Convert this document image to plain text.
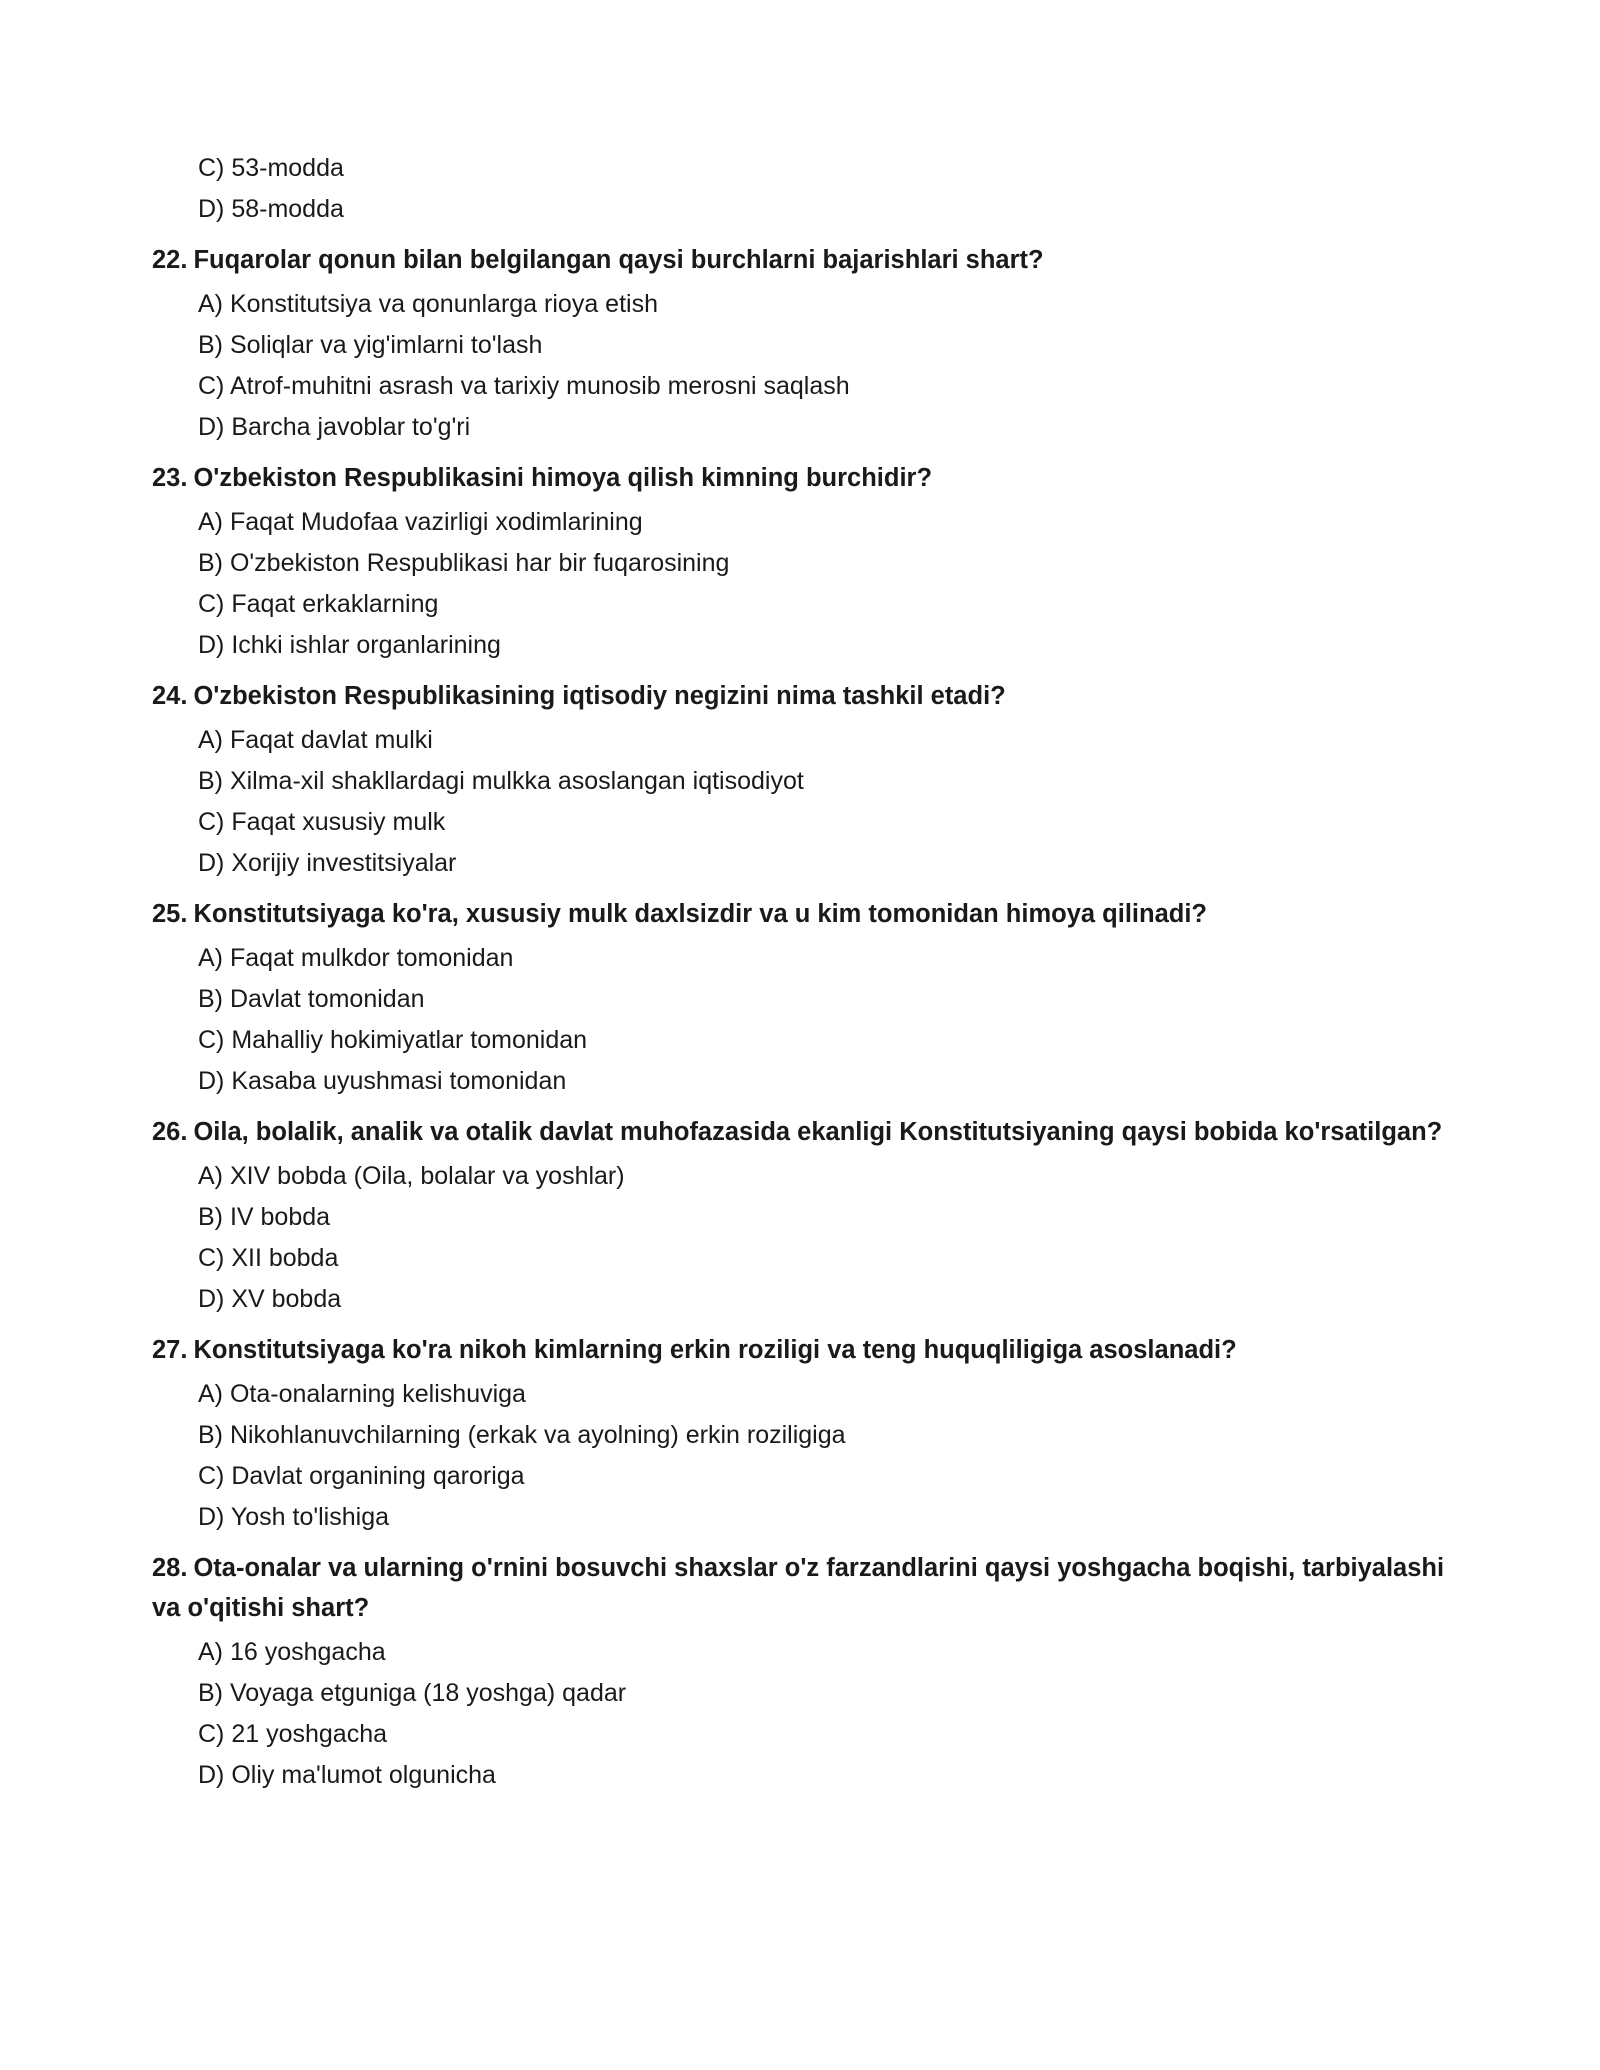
C) 53-modda
D) 58-modda
22. Fuqarolar qonun bilan belgilangan qaysi burchlarni bajarishlari shart?
A) Konstitutsiya va qonunlarga rioya etish
B) Soliqlar va yig'imlarni to'lash
C) Atrof-muhitni asrash va tarixiy munosib merosni saqlash
D) Barcha javoblar to'g'ri
23. O'zbekiston Respublikasini himoya qilish kimning burchidir?
A) Faqat Mudofaa vazirligi xodimlarining
B) O'zbekiston Respublikasi har bir fuqarosining
C) Faqat erkaklarning
D) Ichki ishlar organlarining
24. O'zbekiston Respublikasining iqtisodiy negizini nima tashkil etadi?
A) Faqat davlat mulki
B) Xilma-xil shakllardagi mulkka asoslangan iqtisodiyot
C) Faqat xususiy mulk
D) Xorijiy investitsiyalar
25. Konstitutsiyaga ko'ra, xususiy mulk daxlsizdir va u kim tomonidan himoya qilinadi?
A) Faqat mulkdor tomonidan
B) Davlat tomonidan
C) Mahalliy hokimiyatlar tomonidan
D) Kasaba uyushmasi tomonidan
26. Oila, bolalik, analik va otalik davlat muhofazasida ekanligi Konstitutsiyaning qaysi bobida ko'rsatilgan?
A) XIV bobda (Oila, bolalar va yoshlar)
B) IV bobda
C) XII bobda
D) XV bobda
27. Konstitutsiyaga ko'ra nikoh kimlarning erkin roziligi va teng huquqliligiga asoslanadi?
A) Ota-onalarning kelishuviga
B) Nikohlanuvchilarning (erkak va ayolning) erkin roziligiga
C) Davlat organining qaroriga
D) Yosh to'lishiga
28. Ota-onalar va ularning o'rnini bosuvchi shaxslar o'z farzandlarini qaysi yoshgacha boqishi, tarbiyalashi va o'qitishi shart?
A) 16 yoshgacha
B) Voyaga etguniga (18 yoshga) qadar
C) 21 yoshgacha
D) Oliy ma'lumot olgunicha
